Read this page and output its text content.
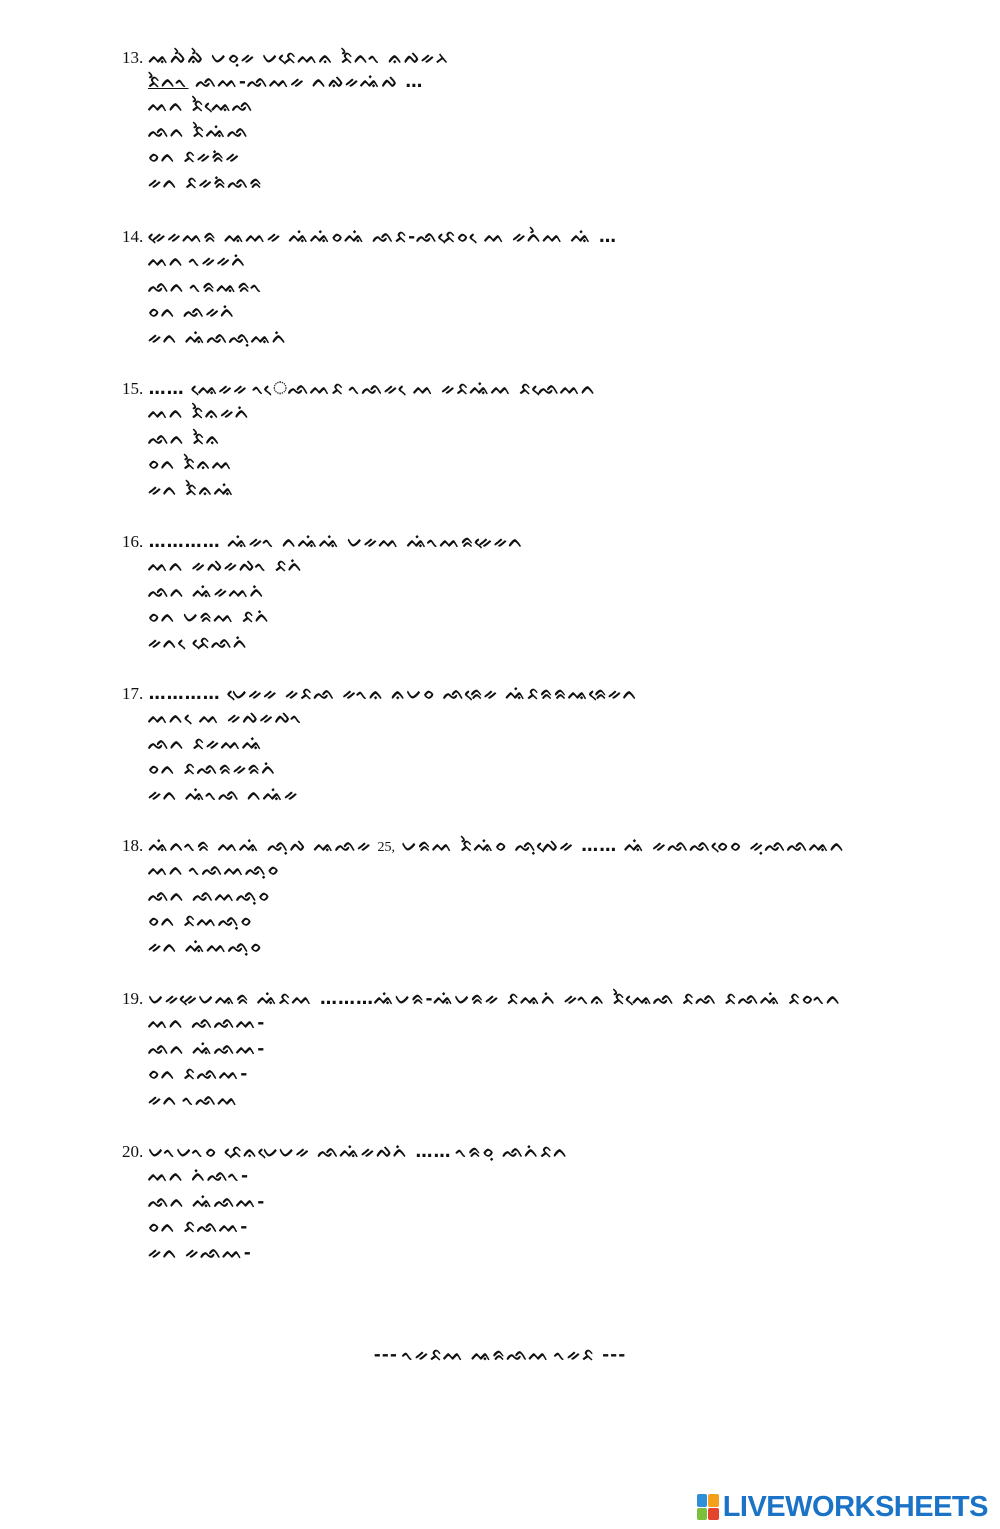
13. ᨕᨄᨛᨁᨛ ᨆᨔᨘᨀ ᨆᨅᨙᨓᨊ ᨅᨛᨈᨚ ᨊᨄᨀᨂ
ᨅᨛᨈᨚ ᨒᨓ-ᨒᨓᨀ ᨈᨁᨀᨕᨗᨄ …
ᨓᨈ ᨅᨛᨕᨙᨒ
ᨒᨈ ᨅᨛᨕᨗᨒ
ᨔᨈ ᨅᨀᨑᨗᨀ
ᨀᨈ ᨅᨀᨑᨗᨒᨑ
14. ᨀᨙᨀᨓᨑ ᨕᨓᨀ ᨕᨗᨕᨗᨔᨕᨗ ᨒᨅ-ᨒᨅᨙᨔ ᨙᨓ ᨀᨈᨛᨓ ᨕᨗ …
ᨓᨈ ᨚᨀᨀᨈᨗ
ᨒᨈ ᨚᨑᨕᨑᨚ
ᨔᨈ ᨒᨀᨈᨗ
ᨀᨈ ᨕᨗᨒᨒᨘᨕᨈᨗ
15. …… ᨕᨙᨀᨀ ᨚᨙᨒᨓᨅ ᨚᨒᨀ ᨙᨓ ᨀᨅᨕᨗᨓ ᨅᨒᨙᨓᨈ
ᨓᨈ ᨅᨛᨊᨀᨈᨗ
ᨒᨈ ᨅᨛᨊ
ᨔᨈ ᨅᨛᨊᨓ
ᨀᨈ ᨅᨛᨊᨕᨗ
16. ………… ᨕᨗᨀᨚ ᨈᨕᨗᨕᨗ ᨆᨀᨓ ᨕᨗᨚᨓᨑᨀᨙᨀᨈ
ᨓᨈ ᨀᨄᨀᨄᨚ ᨅᨈᨗ
ᨒᨈ ᨕᨗᨀᨓᨈᨗ
ᨔᨈ ᨆᨑᨓ ᨅᨈᨗ
ᨀᨈ ᨙᨅᨙᨒᨈᨗ
17. ………… ᨆᨙᨀᨀ ᨀᨅᨒ ᨀᨚᨊ ᨊᨆᨔ ᨒᨑᨙᨀ ᨕᨗᨅᨑᨑᨕᨑᨙᨀᨈ
ᨓᨈ ᨙᨓ ᨀᨄᨀᨄᨚ
ᨒᨈ ᨅᨀᨓᨕᨗ
ᨔᨈ ᨅᨒᨑᨀᨑᨈᨗ
ᨀᨈ ᨕᨗᨚᨒ ᨈᨕᨗᨀ
18. ᨕᨗᨈᨚᨑ ᨓᨕᨗ ᨒᨘᨄ ᨕᨒᨀ 25, ᨆᨑᨓ ᨅᨛᨕᨗᨔ ᨒᨘᨄᨙᨀ …… ᨕᨗ ᨀᨒᨒᨔᨙᨔ ᨀᨘᨒᨒᨕᨈ
ᨓᨈ ᨚᨒᨓᨒᨘᨔ
ᨒᨈ ᨒᨓᨒᨘᨔ
ᨔᨈ ᨅᨓᨒᨘᨔ
ᨀᨈ ᨕᨗᨓᨒᨘᨔ
19. ᨆᨀᨀᨙᨆᨕᨑ ᨕᨗᨅᨓ ………ᨕᨗᨆᨑ-ᨕᨗᨆᨑᨀ ᨅᨕᨈᨗ ᨀᨚᨊ ᨅᨛᨕᨙᨒ ᨅᨒ ᨅᨒᨕᨗ ᨅᨔᨚᨈ
ᨓᨈ ᨒᨒᨓ-
ᨒᨈ ᨕᨗᨒᨓ-
ᨔᨈ ᨅᨒᨓ-
ᨀᨈ ᨚᨒᨓ
20. ᨆᨚᨆᨚᨔ ᨅᨙᨊᨆᨙᨆᨀ ᨒᨕᨗᨀᨄᨈᨗ …… ᨚᨑᨔᨘ ᨒᨈᨗᨅᨈ
ᨓᨈ ᨈᨗᨒᨚ-
ᨒᨈ ᨕᨗᨒᨓ-
ᨔᨈ ᨅᨒᨓ-
ᨀᨈ ᨀᨒᨓ-
--- ᨚᨀᨅᨓ ᨕᨑᨒᨓ ᨚᨀᨅ ---
LIVEWORKSHEETS
